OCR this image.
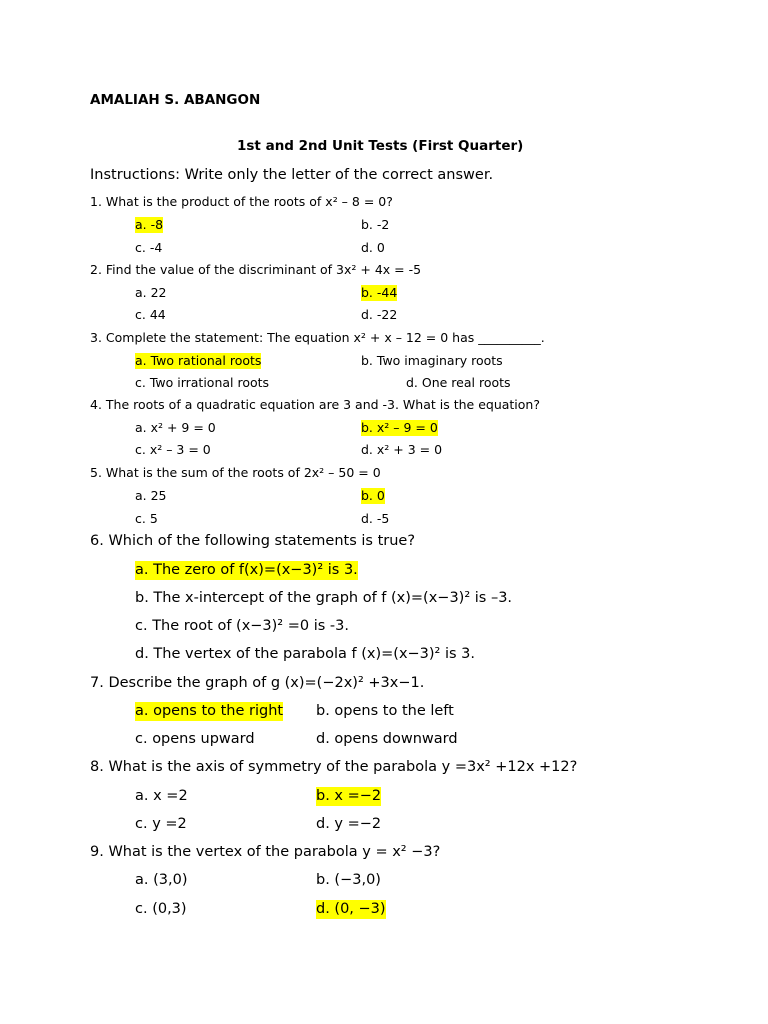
AMALIAH S. ABANGON
1st and 2nd Unit Tests (First Quarter)
Instructions: Write only the letter of the correct answer.
1. What is the product of the roots of x² – 8 = 0?
a. -8	b. -2
c. -4	d. 0
2. Find the value of the discriminant of 3x² + 4x = -5
a. 22	b. -44
c. 44	d. -22
3. Complete the statement: The equation x² + x – 12 = 0 has __________.
a. Two rational roots	b. Two imaginary roots
c. Two irrational roots	d. One real roots
4. The roots of a quadratic equation are 3 and -3. What is the equation?
a. x² + 9 = 0	b. x² – 9 = 0
c. x² – 3 = 0	d. x² + 3 = 0
5. What is the sum of the roots of 2x² – 50 = 0
a. 25	b. 0
c. 5	d. -5
6. Which of the following statements is true?
a. The zero of f(x)=(x−3)² is 3.
b. The x-intercept of the graph of f (x)=(x−3)² is –3.
c. The root of (x−3)² =0 is -3.
d. The vertex of the parabola f (x)=(x−3)² is 3.
7. Describe the graph of g (x)=(−2x)² +3x−1.
a. opens to the right b. opens to the left
c. opens upward	d. opens downward
8. What is the axis of symmetry of the parabola y =3x² +12x +12?
a. x =2	b. x =−2
c. y =2	d. y =−2
9. What is the vertex of the parabola y = x² −3?
a. (3,0)	b. (−3,0)
c. (0,3)	d. (0, −3)
